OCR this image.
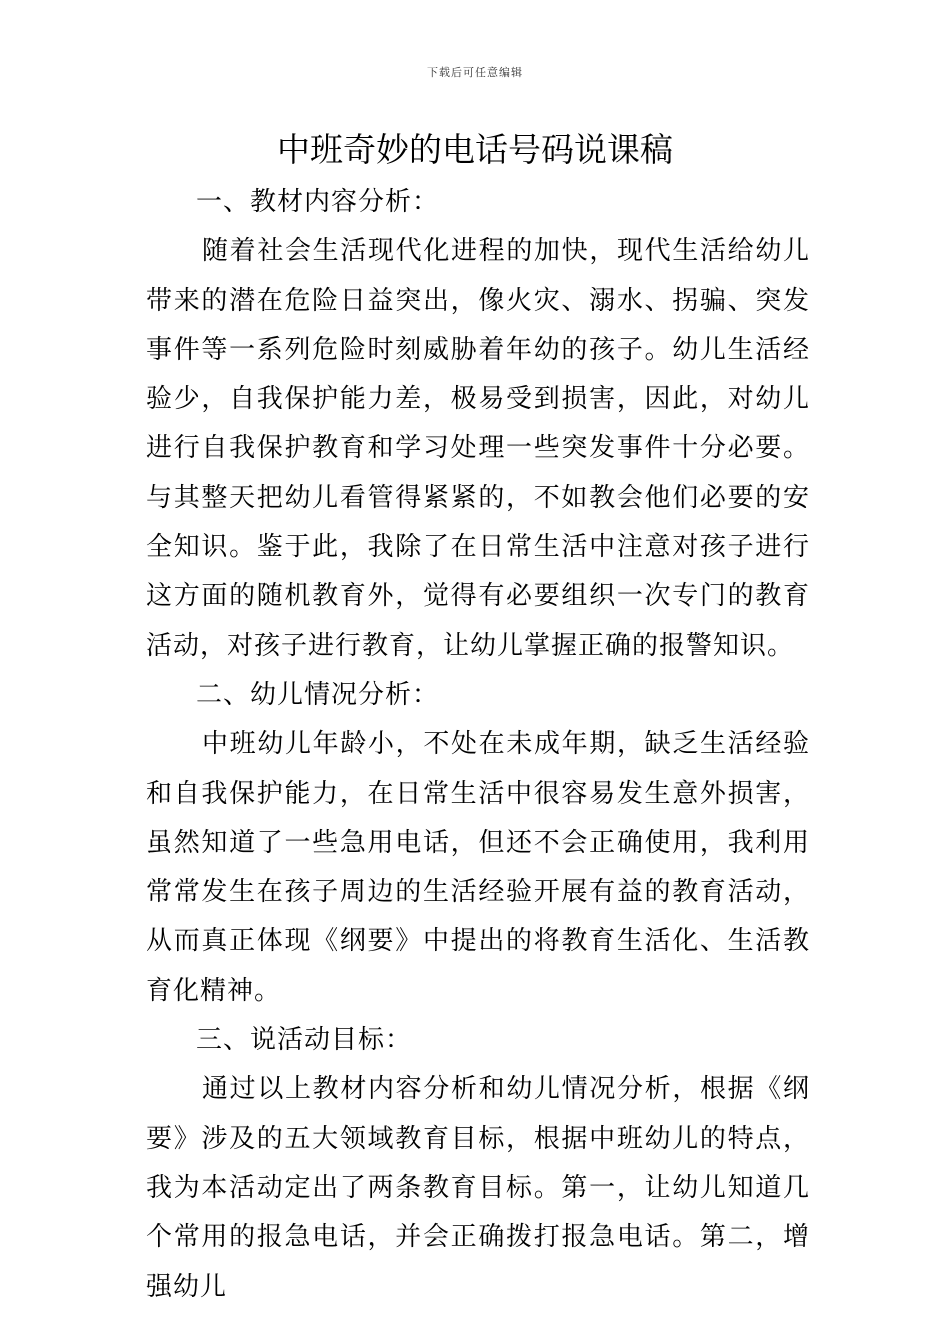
下载后可任意编辑
中班奇妙的电话号码说课稿

一、教材内容分析：

随着社会生活现代化进程的加快，现代生活给幼儿带来的潜在危险日益突出，像火灾、溺水、拐骗、突发事件等一系列危险时刻威胁着年幼的孩子。幼儿生活经验少，自我保护能力差，极易受到损害，因此，对幼儿进行自我保护教育和学习处理一些突发事件十分必要。与其整天把幼儿看管得紧紧的，不如教会他们必要的安全知识。鉴于此，我除了在日常生活中注意对孩子进行这方面的随机教育外，觉得有必要组织一次专门的教育活动，对孩子进行教育，让幼儿掌握正确的报警知识。

二、幼儿情况分析：

中班幼儿年龄小，不处在未成年期，缺乏生活经验和自我保护能力，在日常生活中很容易发生意外损害，虽然知道了一些急用电话，但还不会正确使用，我利用常常发生在孩子周边的生活经验开展有益的教育活动，从而真正体现《纲要》中提出的将教育生活化、生活教育化精神。

三、说活动目标：

通过以上教材内容分析和幼儿情况分析，根据《纲要》涉及的五大领域教育目标，根据中班幼儿的特点，我为本活动定出了两条教育目标。第一，让幼儿知道几个常用的报急电话，并会正确拨打报急电话。第二，增强幼儿
